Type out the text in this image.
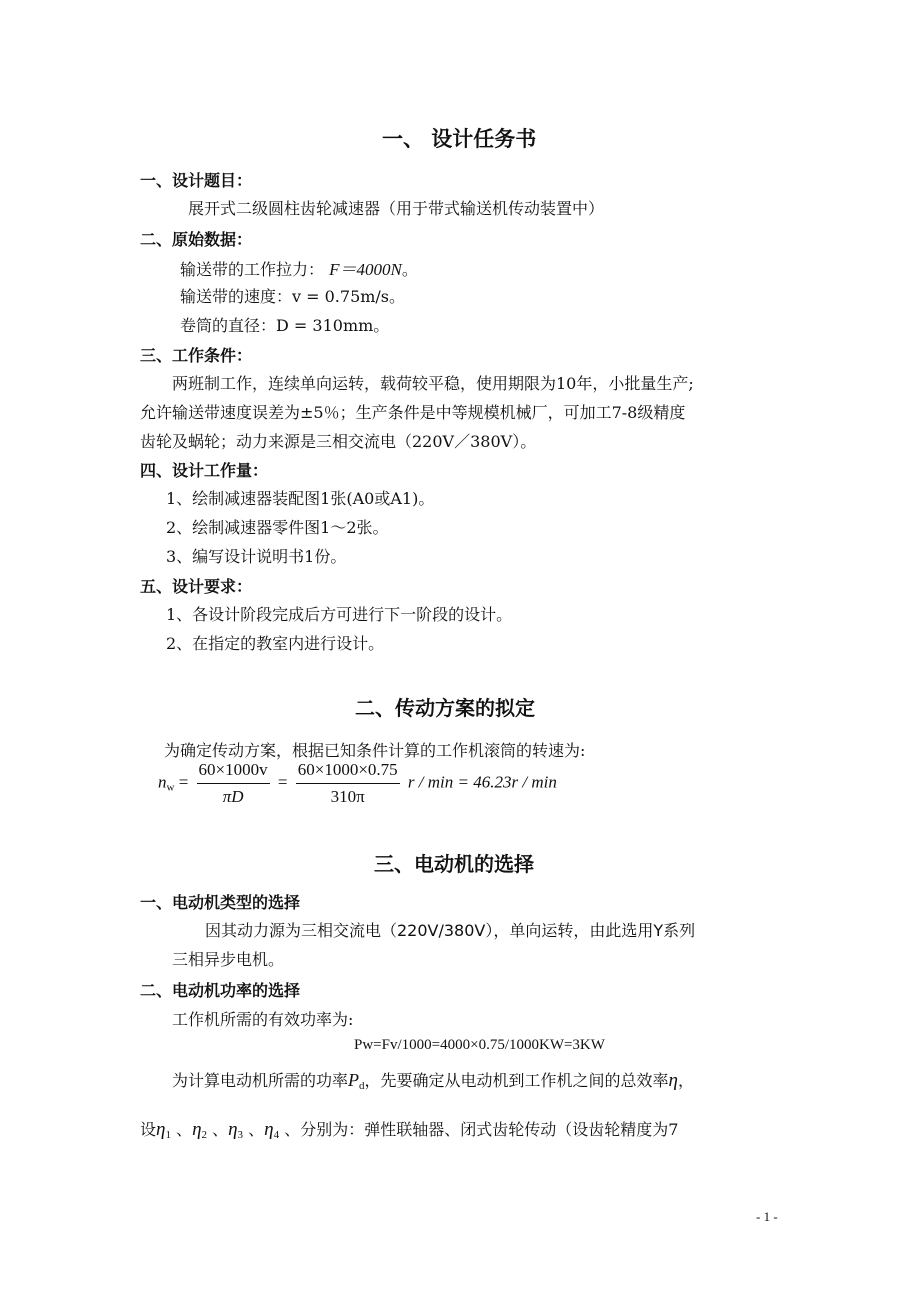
一、 设计任务书
一、设计题目：
展开式二级圆柱齿轮减速器（用于带式输送机传动装置中）
二、原始数据：
输送带的工作拉力： F＝4000N。
输送带的速度：v = 0.75m/s。
卷筒的直径：D = 310mm。
三、工作条件：
两班制工作，连续单向运转，载荷较平稳，使用期限为10年，小批量生产;
允许输送带速度误差为±5％；生产条件是中等规模机械厂，可加工7-8级精度
齿轮及蜗轮；动力来源是三相交流电（220V／380V）。
四、设计工作量：
1、绘制减速器装配图1张(A0或A1)。
2、绘制减速器零件图1～2张。
3、编写设计说明书1份。
五、设计要求：
1、各设计阶段完成后方可进行下一阶段的设计。
2、在指定的教室内进行设计。
二、传动方案的拟定
为确定传动方案，根据已知条件计算的工作机滚筒的转速为:
$n_w = \frac{60\times 1000v}{\pi D} = \frac{60\times 1000\times 0.75}{310\pi}$ r / min = 46.23r / min
三、电动机的选择
一、电动机类型的选择
因其动力源为三相交流电（220V/380V），单向运转，由此选用Y系列
三相异步电机。
二、电动机功率的选择
工作机所需的有效功率为:
Pw=Fv/1000=4000×0.75/1000KW=3KW
为计算电动机所需的功率$P_d$，先要确定从电动机到工作机之间的总效率η，
设$\eta_1$ 、$\eta_2$ 、$\eta_3$ 、$\eta_4$ 、分别为：弹性联轴器、闭式齿轮传动（设齿轮精度为7
- 1 -
